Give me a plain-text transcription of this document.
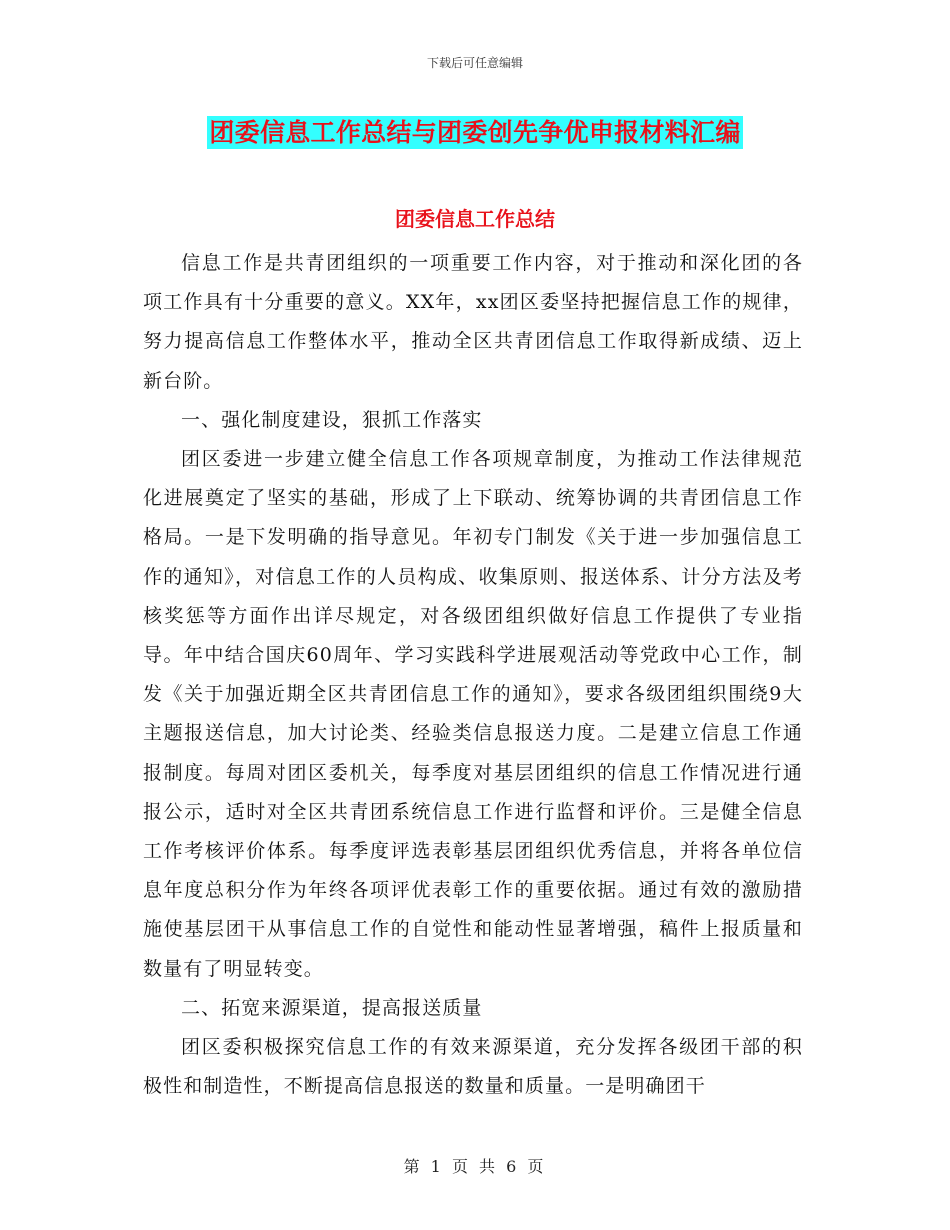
下载后可任意编辑
团委信息工作总结与团委创先争优申报材料汇编
团委信息工作总结

信息工作是共青团组织的一项重要工作内容，对于推动和深化团的各项工作具有十分重要的意义。XX年，xx团区委坚持把握信息工作的规律，努力提高信息工作整体水平，推动全区共青团信息工作取得新成绩、迈上新台阶。

一、强化制度建设，狠抓工作落实

团区委进一步建立健全信息工作各项规章制度，为推动工作法律规范化进展奠定了坚实的基础，形成了上下联动、统筹协调的共青团信息工作格局。一是下发明确的指导意见。年初专门制发《关于进一步加强信息工作的通知》，对信息工作的人员构成、收集原则、报送体系、计分方法及考核奖惩等方面作出详尽规定，对各级团组织做好信息工作提供了专业指导。年中结合国庆60周年、学习实践科学进展观活动等党政中心工作，制发《关于加强近期全区共青团信息工作的通知》，要求各级团组织围绕9大主题报送信息，加大讨论类、经验类信息报送力度。二是建立信息工作通报制度。每周对团区委机关，每季度对基层团组织的信息工作情况进行通报公示，适时对全区共青团系统信息工作进行监督和评价。三是健全信息工作考核评价体系。每季度评选表彰基层团组织优秀信息，并将各单位信息年度总积分作为年终各项评优表彰工作的重要依据。通过有效的激励措施使基层团干从事信息工作的自觉性和能动性显著增强，稿件上报质量和数量有了明显转变。

二、拓宽来源渠道，提高报送质量

团区委积极探究信息工作的有效来源渠道，充分发挥各级团干部的积极性和制造性，不断提高信息报送的数量和质量。一是明确团干

第 1 页 共 6 页
